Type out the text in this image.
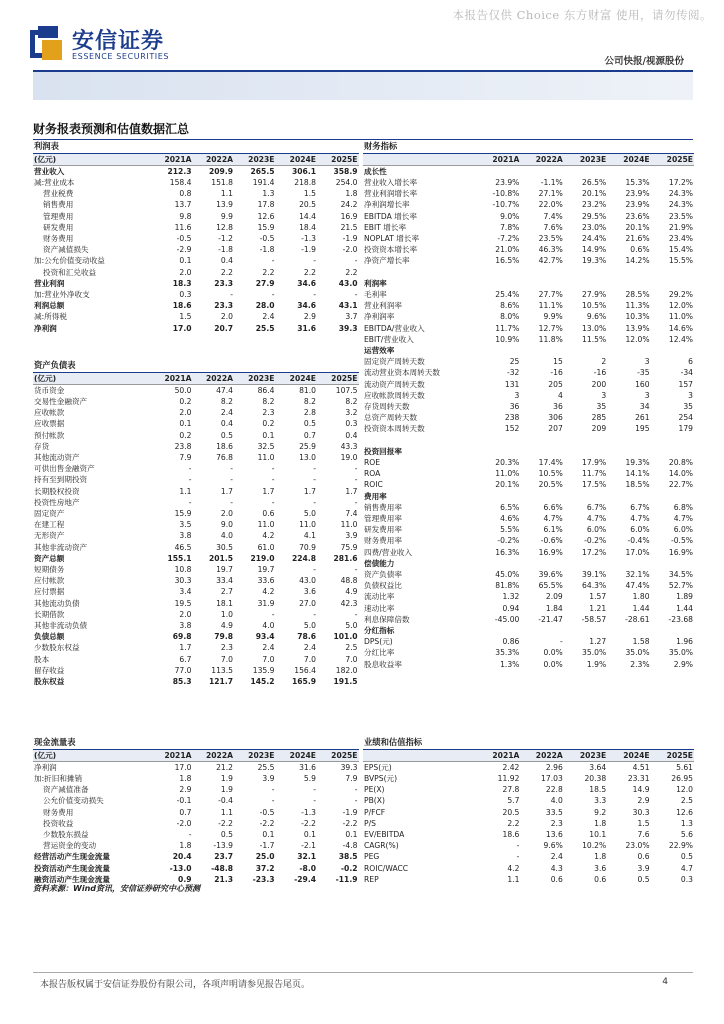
本报告仅供 Choice 东方财富 使用，请勿传阅。
安信证券
ESSENCE SECURITIES	公司快报/视源股份
财务报表预测和估值数据汇总
利润表					
(亿元)	2021A	2022A	2023E	2024E	2025E
营业收入	212.3	209.9	265.5	306.1	358.9
减:营业成本	158.4	151.8	191.4	218.8	254.0
营业税费	0.8	1.1	1.3	1.5	1.8
销售费用	13.7	13.9	17.8	20.5	24.2
管理费用	9.8	9.9	12.6	14.4	16.9
研发费用	11.6	12.8	15.9	18.4	21.5
财务费用	-0.5	-1.2	-0.5	-1.3	-1.9
资产减值损失	-2.9	-1.8	-1.8	-1.9	-2.0
加:公允价值变动收益	0.1	0.4	-	-	-
投资和汇兑收益	2.0	2.2	2.2	2.2	2.2
营业利润	18.3	23.3	27.9	34.6	43.0
加:营业外净收支	0.3	-	-	-	-
利润总额	18.6	23.3	28.0	34.6	43.1
减:所得税	1.5	2.0	2.4	2.9	3.7
净利润	17.0	20.7	25.5	31.6	39.3
资产负债表					
(亿元)	2021A	2022A	2023E	2024E	2025E
货币资金	50.0	47.4	86.4	81.0	107.5
交易性金融资产	0.2	8.2	8.2	8.2	8.2
应收帐款	2.0	2.4	2.3	2.8	3.2
应收票据	0.1	0.4	0.2	0.5	0.3
预付帐款	0.2	0.5	0.1	0.7	0.4
存货	23.8	18.6	32.5	25.9	43.3
其他流动资产	7.9	76.8	11.0	13.0	19.0
可供出售金融资产	-	-	-	-	-
持有至到期投资	-	-	-	-	-
长期股权投资	1.1	1.7	1.7	1.7	1.7
投资性房地产	-	-	-	-	-
固定资产	15.9	2.0	0.6	5.0	7.4
在建工程	3.5	9.0	11.0	11.0	11.0
无形资产	3.8	4.0	4.2	4.1	3.9
其他非流动资产	46.5	30.5	61.0	70.9	75.9
资产总额	155.1	201.5	219.0	224.8	281.6
短期债务	10.8	19.7	19.7	-	-
应付帐款	30.3	33.4	33.6	43.0	48.8
应付票据	3.4	2.7	4.2	3.6	4.9
其他流动负债	19.5	18.1	31.9	27.0	42.3
长期借款	2.0	1.0	-	-	-
其他非流动负债	3.8	4.9	4.0	5.0	5.0
负债总额	69.8	79.8	93.4	78.6	101.0
少数股东权益	1.7	2.3	2.4	2.4	2.5
股本	6.7	7.0	7.0	7.0	7.0
留存收益	77.0	113.5	135.9	156.4	182.0
股东权益	85.3	121.7	145.2	165.9	191.5
现金流量表					
(亿元)	2021A	2022A	2023E	2024E	2025E
净利润	17.0	21.2	25.5	31.6	39.3
加:折旧和摊销	1.8	1.9	3.9	5.9	7.9
资产减值准备	2.9	1.9	-	-	-
公允价值变动损失	-0.1	-0.4	-	-	-
财务费用	0.7	1.1	-0.5	-1.3	-1.9
投资收益	-2.0	-2.2	-2.2	-2.2	-2.2
少数股东损益	-	0.5	0.1	0.1	0.1
营运资金的变动	1.8	-13.9	-1.7	-2.1	-4.8
经营活动产生现金流量	20.4	23.7	25.0	32.1	38.5
投资活动产生现金流量	-13.0	-48.8	37.2	-8.0	-0.2
融资活动产生现金流量	0.9	21.3	-23.3	-29.4	-11.9
财务指标					
	2021A	2022A	2023E	2024E	2025E
成长性					
营业收入增长率	23.9%	-1.1%	26.5%	15.3%	17.2%
营业利润增长率	-10.8%	27.1%	20.1%	23.9%	24.3%
净利润增长率	-10.7%	22.0%	23.2%	23.9%	24.3%
EBITDA 增长率	9.0%	7.4%	29.5%	23.6%	23.5%
EBIT 增长率	7.8%	7.6%	23.0%	20.1%	21.9%
NOPLAT 增长率	-7.2%	23.5%	24.4%	21.6%	23.4%
投资资本增长率	21.0%	46.3%	14.9%	0.6%	15.4%
净资产增长率	16.5%	42.7%	19.3%	14.2%	15.5%

利润率					
毛利率	25.4%	27.7%	27.9%	28.5%	29.2%
营业利润率	8.6%	11.1%	10.5%	11.3%	12.0%
净利润率	8.0%	9.9%	9.6%	10.3%	11.0%
EBITDA/营业收入	11.7%	12.7%	13.0%	13.9%	14.6%
EBIT/营业收入	10.9%	11.8%	11.5%	12.0%	12.4%
运营效率					
固定资产周转天数	25	15	2	3	6
流动营业资本周转天数	-32	-16	-16	-35	-34
流动资产周转天数	131	205	200	160	157
应收帐款周转天数	3	4	3	3	3
存货周转天数	36	36	35	34	35
总资产周转天数	238	306	285	261	254
投资资本周转天数	152	207	209	195	179

投资回报率					
ROE	20.3%	17.4%	17.9%	19.3%	20.8%
ROA	11.0%	10.5%	11.7%	14.1%	14.0%
ROIC	20.1%	20.5%	17.5%	18.5%	22.7%
费用率					
销售费用率	6.5%	6.6%	6.7%	6.7%	6.8%
管理费用率	4.6%	4.7%	4.7%	4.7%	4.7%
研发费用率	5.5%	6.1%	6.0%	6.0%	6.0%
财务费用率	-0.2%	-0.6%	-0.2%	-0.4%	-0.5%
四费/营业收入	16.3%	16.9%	17.2%	17.0%	16.9%
偿债能力					
资产负债率	45.0%	39.6%	39.1%	32.1%	34.5%
负债权益比	81.8%	65.5%	64.3%	47.4%	52.7%
流动比率	1.32	2.09	1.57	1.80	1.89
速动比率	0.94	1.84	1.21	1.44	1.44
利息保障倍数	-45.00	-21.47	-58.57	-28.61	-23.68
分红指标					
DPS(元)	0.86	-	1.27	1.58	1.96
分红比率	35.3%	0.0%	35.0%	35.0%	35.0%
股息收益率	1.3%	0.0%	1.9%	2.3%	2.9%
业绩和估值指标					
	2021A	2022A	2023E	2024E	2025E
EPS(元)	2.42	2.96	3.64	4.51	5.61
BVPS(元)	11.92	17.03	20.38	23.31	26.95
PE(X)	27.8	22.8	18.5	14.9	12.0
PB(X)	5.7	4.0	3.3	2.9	2.5
P/FCF	20.5	33.5	9.2	30.3	12.6
P/S	2.2	2.3	1.8	1.5	1.3
EV/EBITDA	18.6	13.6	10.1	7.6	5.6
CAGR(%)	-	9.6%	10.2%	23.0%	22.9%
PEG	-	2.4	1.8	0.6	0.5
ROIC/WACC	4.2	4.3	3.6	3.9	4.7
REP	1.1	0.6	0.6	0.5	0.3
资料来源：Wind资讯，安信证券研究中心预测
本报告版权属于安信证券股份有限公司，各项声明请参见报告尾页。	4
